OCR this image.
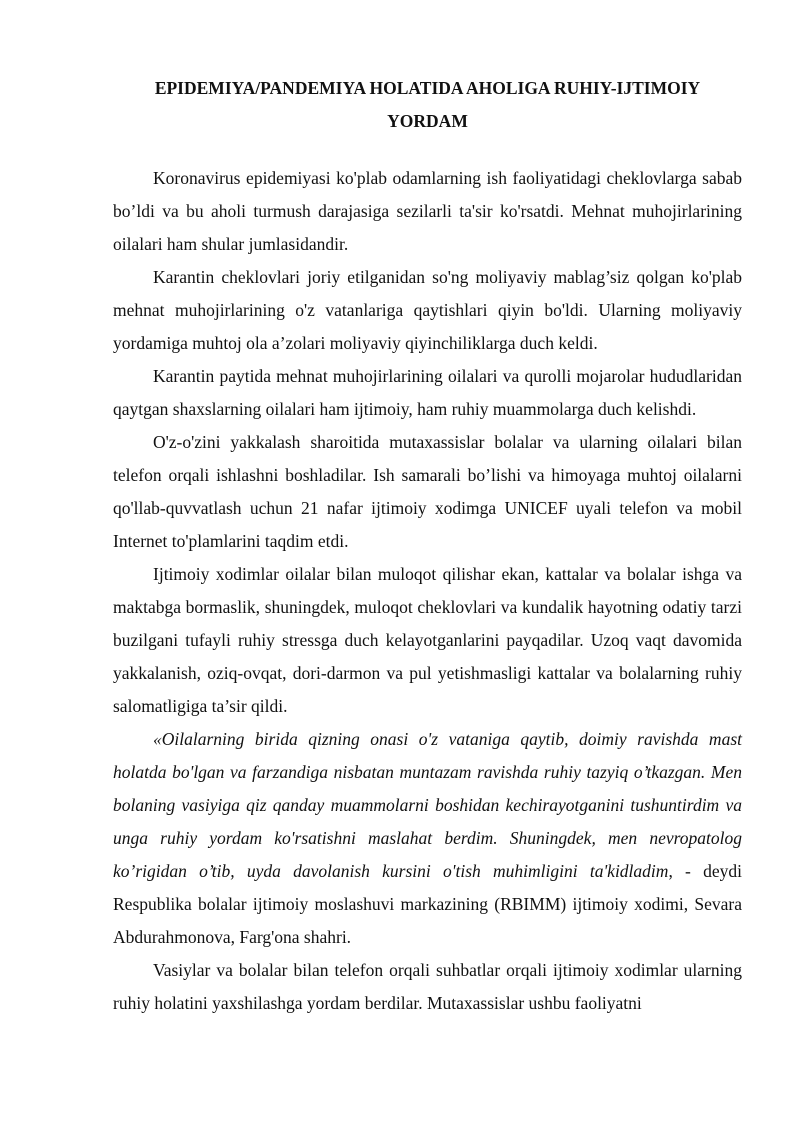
EPIDEMIYA/PANDEMIYA HOLATIDA AHOLIGA RUHIY-IJTIMOIY YORDAM

Koronavirus epidemiyasi ko'plab odamlarning ish faoliyatidagi cheklovlarga sabab bo’ldi va bu aholi turmush darajasiga sezilarli ta'sir ko'rsatdi. Mehnat muhojirlarining oilalari ham shular jumlasidandir.

Karantin cheklovlari joriy etilganidan so'ng moliyaviy mablag’siz qolgan ko'plab mehnat muhojirlarining o'z vatanlariga qaytishlari qiyin bo'ldi. Ularning moliyaviy yordamiga muhtoj ola a’zolari moliyaviy qiyinchiliklarga duch keldi.

Karantin paytida mehnat muhojirlarining oilalari va qurolli mojarolar hududlaridan qaytgan shaxslarning oilalari ham ijtimoiy, ham ruhiy muammolarga duch kelishdi.

O'z-o'zini yakkalash sharoitida mutaxassislar bolalar va ularning oilalari bilan telefon orqali ishlashni boshladilar. Ish samarali bo’lishi va himoyaga muhtoj oilalarni qo'llab-quvvatlash uchun 21 nafar ijtimoiy xodimga UNICEF uyali telefon va mobil Internet to'plamlarini taqdim etdi.

Ijtimoiy xodimlar oilalar bilan muloqot qilishar ekan, kattalar va bolalar ishga va maktabga bormaslik, shuningdek, muloqot cheklovlari va kundalik hayotning odatiy tarzi buzilgani tufayli ruhiy stressga duch kelayotganlarini payqadilar. Uzoq vaqt davomida yakkalanish, oziq-ovqat, dori-darmon va pul yetishmasligi kattalar va bolalarning ruhiy salomatligiga ta’sir qildi.

«Oilalarning birida qizning onasi o'z vataniga qaytib, doimiy ravishda mast holatda bo'lgan va farzandiga nisbatan muntazam ravishda ruhiy tazyiq o’tkazgan. Men bolaning vasiyiga qiz qanday muammolarni boshidan kechirayotganini tushuntirdim va unga ruhiy yordam ko'rsatishni maslahat berdim. Shuningdek, men nevropatolog ko’rigidan o’tib, uyda davolanish kursini o'tish muhimligini ta'kidladim, - deydi Respublika bolalar ijtimoiy moslashuvi markazining (RBIMM) ijtimoiy xodimi, Sevara Abdurahmonova, Farg'ona shahri.

Vasiylar va bolalar bilan telefon orqali suhbatlar orqali ijtimoiy xodimlar ularning ruhiy holatini yaxshilashga yordam berdilar. Mutaxassislar ushbu faoliyatni
